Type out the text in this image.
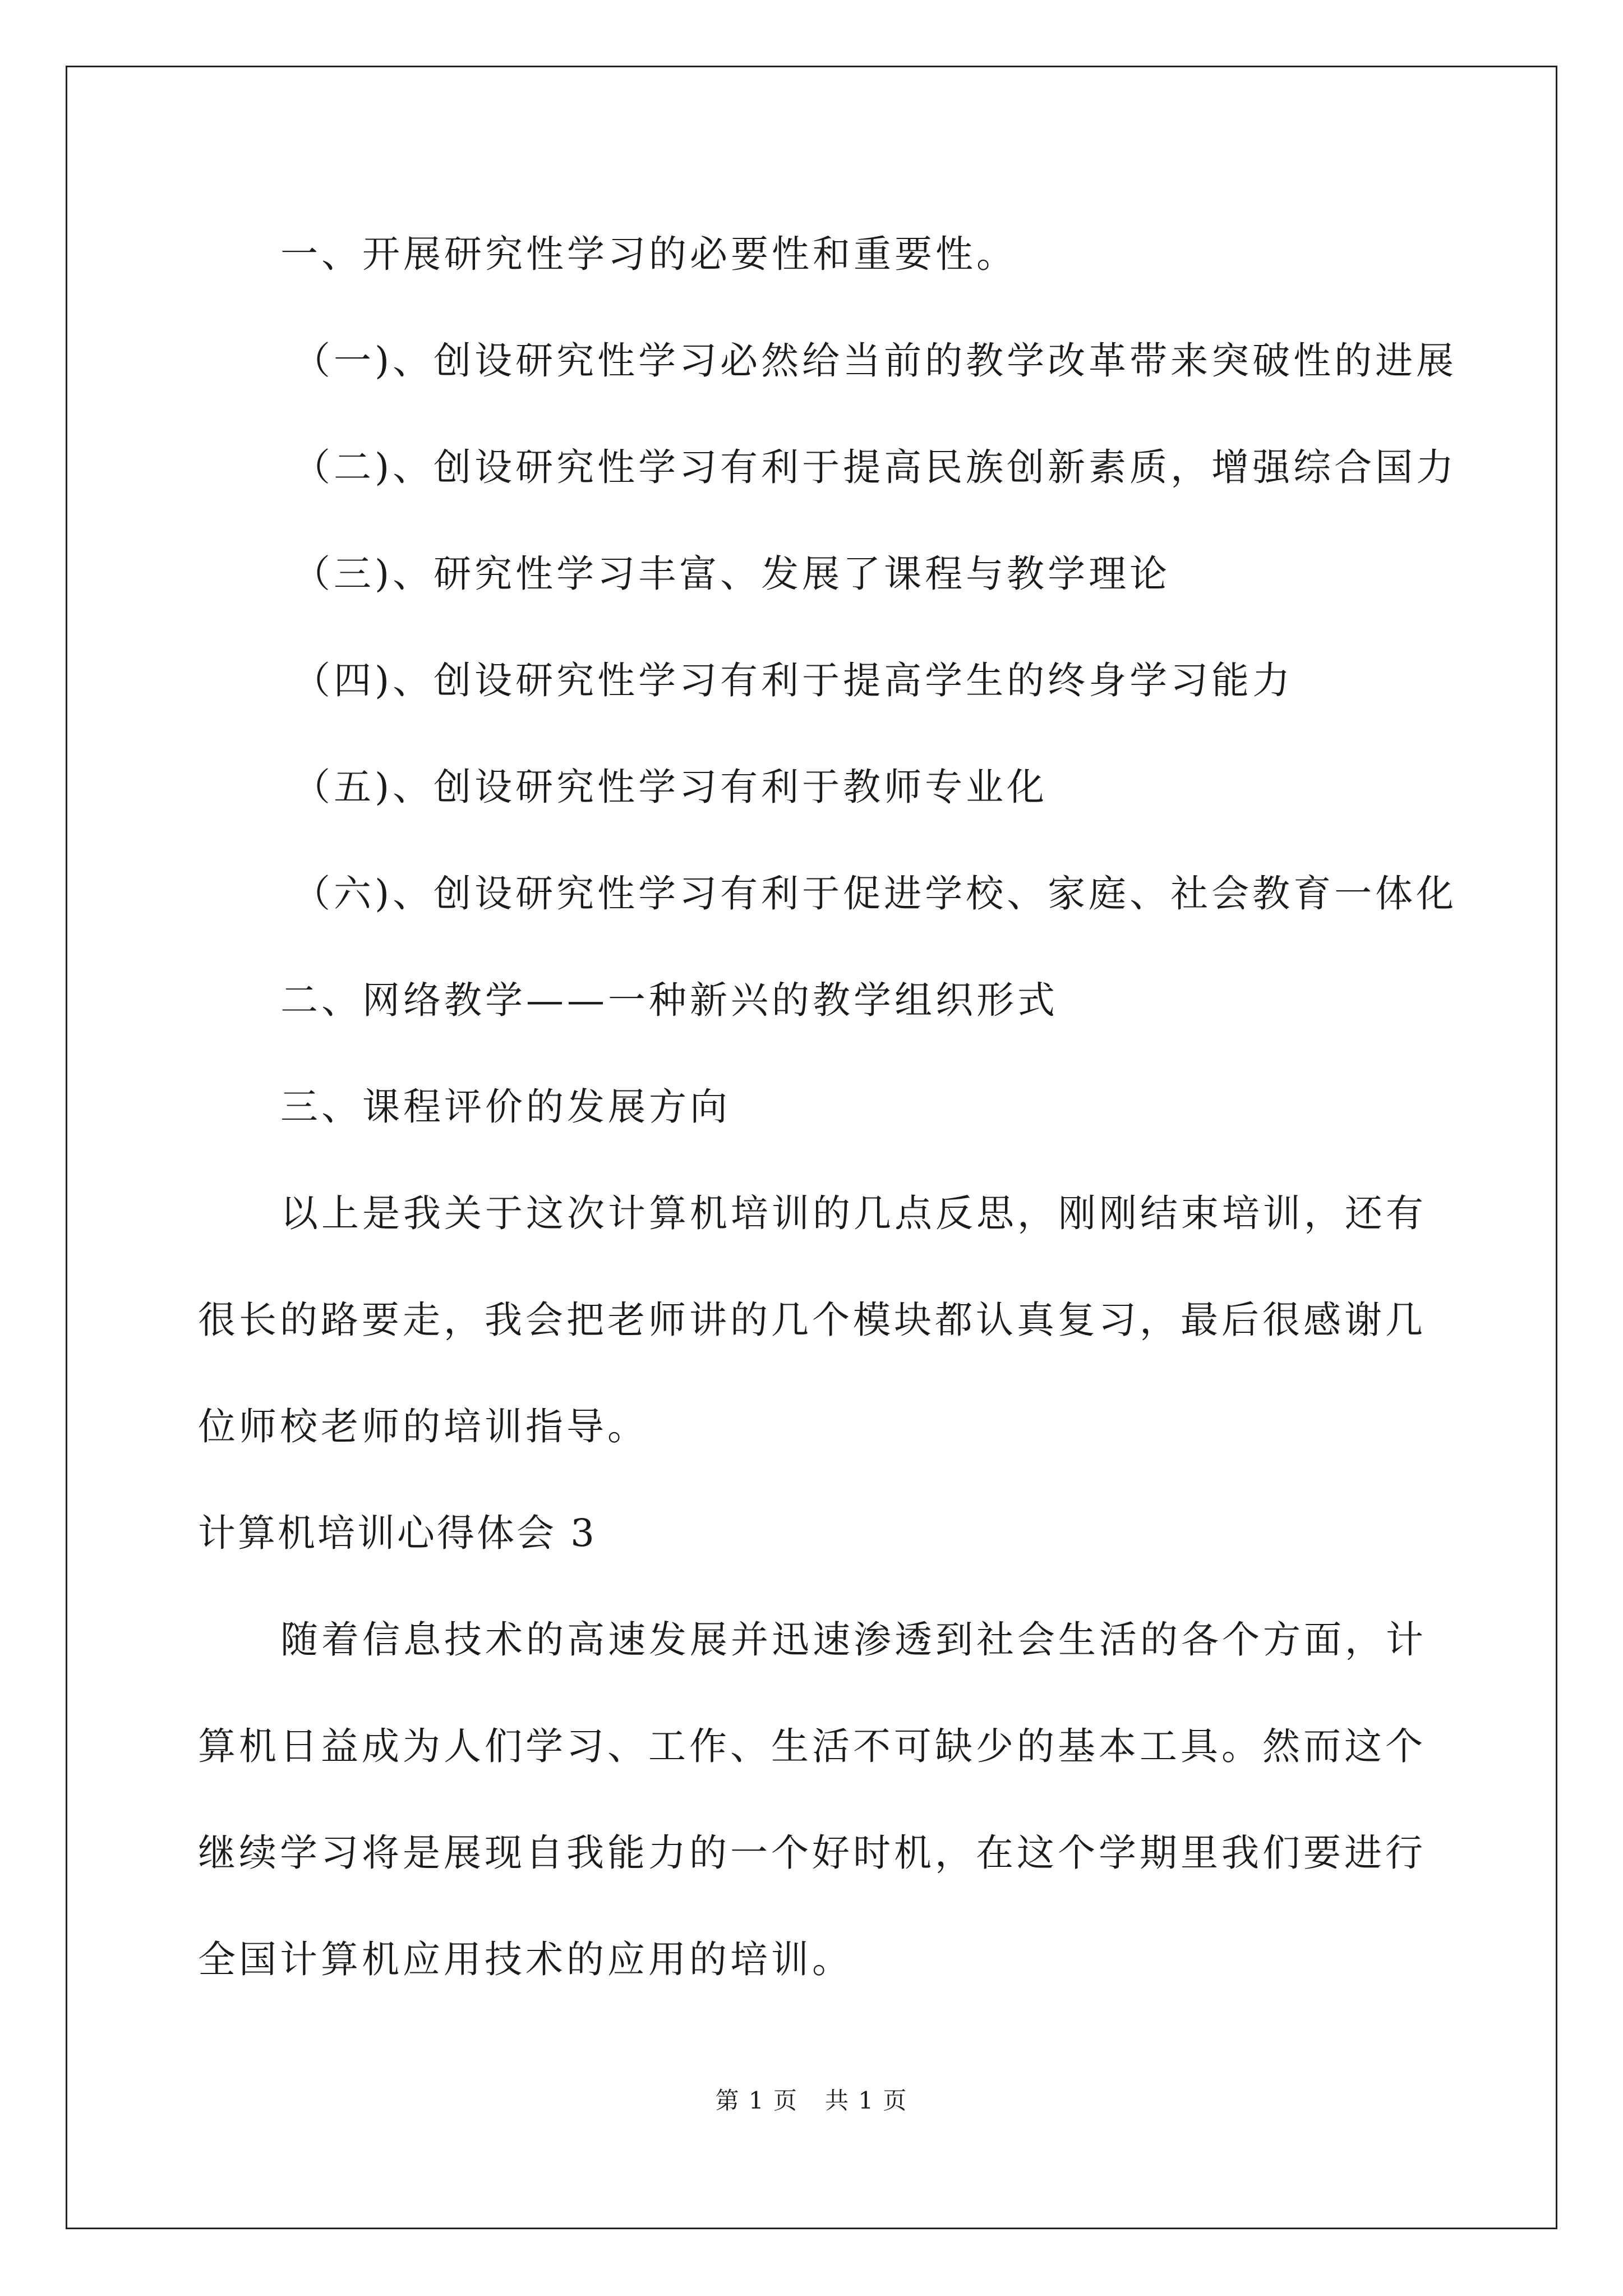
一、开展研究性学习的必要性和重要性。
（一)、创设研究性学习必然给当前的教学改革带来突破性的进展
（二)、创设研究性学习有利于提高民族创新素质，增强综合国力
（三)、研究性学习丰富、发展了课程与教学理论
（四)、创设研究性学习有利于提高学生的终身学习能力
（五)、创设研究性学习有利于教师专业化
（六)、创设研究性学习有利于促进学校、家庭、社会教育一体化
二、网络教学——一种新兴的教学组织形式
三、课程评价的发展方向
以上是我关于这次计算机培训的几点反思，刚刚结束培训，还有
很长的路要走，我会把老师讲的几个模块都认真复习，最后很感谢几
位师校老师的培训指导。
计算机培训心得体会 3
随着信息技术的高速发展并迅速渗透到社会生活的各个方面，计
算机日益成为人们学习、工作、生活不可缺少的基本工具。然而这个
继续学习将是展现自我能力的一个好时机，在这个学期里我们要进行
全国计算机应用技术的应用的培训。
第 1 页 共 1 页
